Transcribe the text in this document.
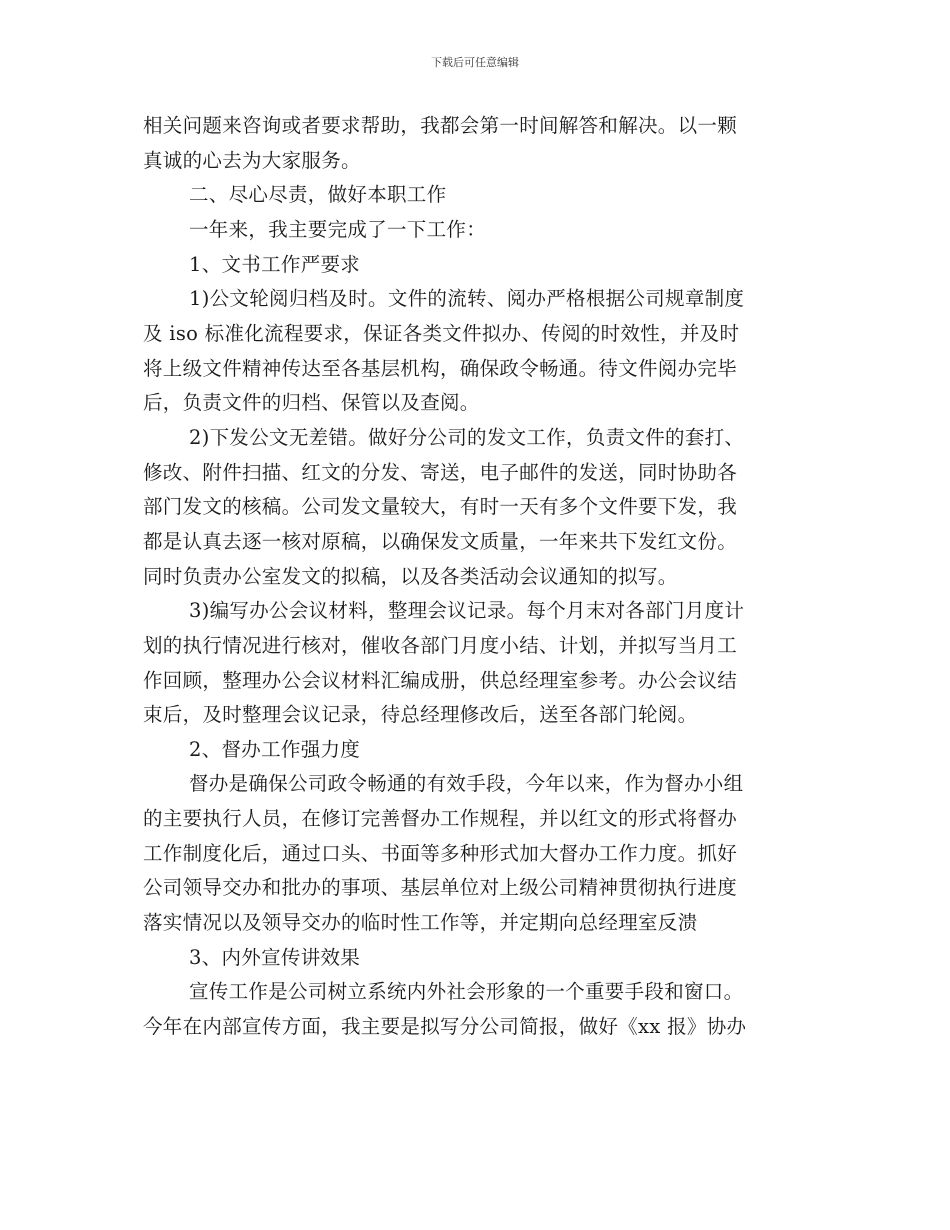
下载后可任意编辑
相关问题来咨询或者要求帮助，我都会第一时间解答和解决。以一颗
真诚的心去为大家服务。
二、尽心尽责，做好本职工作
一年来，我主要完成了一下工作：
1、文书工作严要求
1)公文轮阅归档及时。文件的流转、阅办严格根据公司规章制度
及 iso 标准化流程要求，保证各类文件拟办、传阅的时效性，并及时
将上级文件精神传达至各基层机构，确保政令畅通。待文件阅办完毕
后，负责文件的归档、保管以及查阅。
2)下发公文无差错。做好分公司的发文工作，负责文件的套打、
修改、附件扫描、红文的分发、寄送，电子邮件的发送，同时协助各
部门发文的核稿。公司发文量较大，有时一天有多个文件要下发，我
都是认真去逐一核对原稿，以确保发文质量，一年来共下发红文份。
同时负责办公室发文的拟稿，以及各类活动会议通知的拟写。
3)编写办公会议材料，整理会议记录。每个月末对各部门月度计
划的执行情况进行核对，催收各部门月度小结、计划，并拟写当月工
作回顾，整理办公会议材料汇编成册，供总经理室参考。办公会议结
束后，及时整理会议记录，待总经理修改后，送至各部门轮阅。
2、督办工作强力度
督办是确保公司政令畅通的有效手段，今年以来，作为督办小组
的主要执行人员，在修订完善督办工作规程，并以红文的形式将督办
工作制度化后，通过口头、书面等多种形式加大督办工作力度。抓好
公司领导交办和批办的事项、基层单位对上级公司精神贯彻执行进度
落实情况以及领导交办的临时性工作等，并定期向总经理室反溃
3、内外宣传讲效果
宣传工作是公司树立系统内外社会形象的一个重要手段和窗口。
今年在内部宣传方面，我主要是拟写分公司简报，做好《xx 报》协办
